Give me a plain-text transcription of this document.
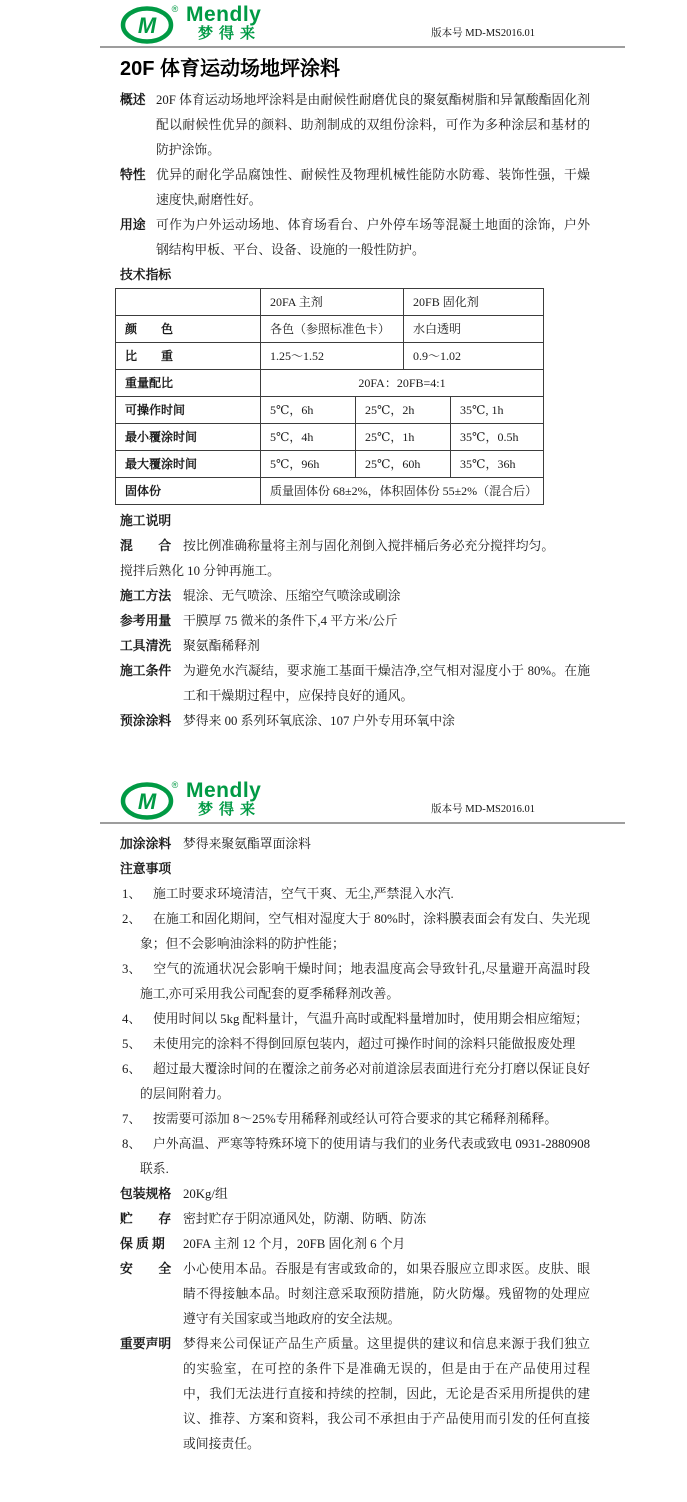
M
® Mendly
梦得来	版本号 MD-MS2016.01
20F 体育运动场地坪涂料
概述 20F 体育运动场地坪涂料是由耐候性耐磨优良的聚氨酯树脂和异氰酸酯固化剂配以耐候性优异的颜料、助剂制成的双组份涂料，可作为多种涂层和基材的防护涂饰。
特性 优异的耐化学品腐蚀性、耐候性及物理机械性能防水防霉、装饰性强，干燥速度快,耐磨性好。
用途 可作为户外运动场地、体育场看台、户外停车场等混凝土地面的涂饰，户外钢结构甲板、平台、设备、设施的一般性防护。
技术指标
	20FA 主剂		20FB 固化剂	
颜　　色	各色（参照标准色卡）		水白透明	
比　　重	1.25～1.52		0.9～1.02	
重量配比	20FA：20FB=4:1			
可操作时间	5℃，6h	25℃，2h		35℃, 1h
最小覆涂时间	5℃，4h	25℃，1h		35℃，0.5h
最大覆涂时间	5℃，96h	25℃，60h		35℃，36h
固体份	质量固体份 68±2%，体积固体份 55±2%（混合后）			
施工说明
混　　合 按比例准确称量将主剂与固化剂倒入搅拌桶后务必充分搅拌均匀。
搅拌后熟化 10 分钟再施工。
施工方法 辊涂、无气喷涂、压缩空气喷涂或刷涂
参考用量 干膜厚 75 微米的条件下,4 平方米/公斤
工具清洗 聚氨酯稀释剂
施工条件 为避免水汽凝结，要求施工基面干燥洁净,空气相对湿度小于 80%。在施工和干燥期过程中，应保持良好的通风。
预涂涂料 梦得来 00 系列环氧底涂、107 户外专用环氧中涂
M
® Mendly
梦得来	版本号 MD-MS2016.01
加涂涂料 梦得来聚氨酯罩面涂料
注意事项

1、 施工时要求环境清洁，空气干爽、无尘,严禁混入水汽.

2、 在施工和固化期间，空气相对湿度大于 80%时，涂料膜表面会有发白、失光现象；但不会影响油涂料的防护性能；

3、 空气的流通状况会影响干燥时间；地表温度高会导致针孔,尽量避开高温时段施工,亦可采用我公司配套的夏季稀释剂改善。

4、 使用时间以 5kg 配料量计，气温升高时或配料量增加时，使用期会相应缩短；

5、 未使用完的涂料不得倒回原包装内，超过可操作时间的涂料只能做报废处理

6、 超过最大覆涂时间的在覆涂之前务必对前道涂层表面进行充分打磨以保证良好的层间附着力。

7、 按需要可添加 8～25%专用稀释剂或经认可符合要求的其它稀释剂稀释。

8、 户外高温、严寒等特殊环境下的使用请与我们的业务代表或致电 0931-2880908 联系.

包装规格 20Kg/组
贮　　存 密封贮存于阴凉通风处，防潮、防晒、防冻
保 质 期	20FA 主剂 12 个月，20FB 固化剂 6 个月
安　　全 小心使用本品。吞服是有害或致命的，如果吞服应立即求医。皮肤、眼睛不得接触本品。时刻注意采取预防措施，防火防爆。残留物的处理应遵守有关国家或当地政府的安全法规。
重要声明 梦得来公司保证产品生产质量。这里提供的建议和信息来源于我们独立的实验室，在可控的条件下是准确无误的，但是由于在产品使用过程中，我们无法进行直接和持续的控制，因此，无论是否采用所提供的建议、推荐、方案和资料，我公司不承担由于产品使用而引发的任何直接或间接责任。
